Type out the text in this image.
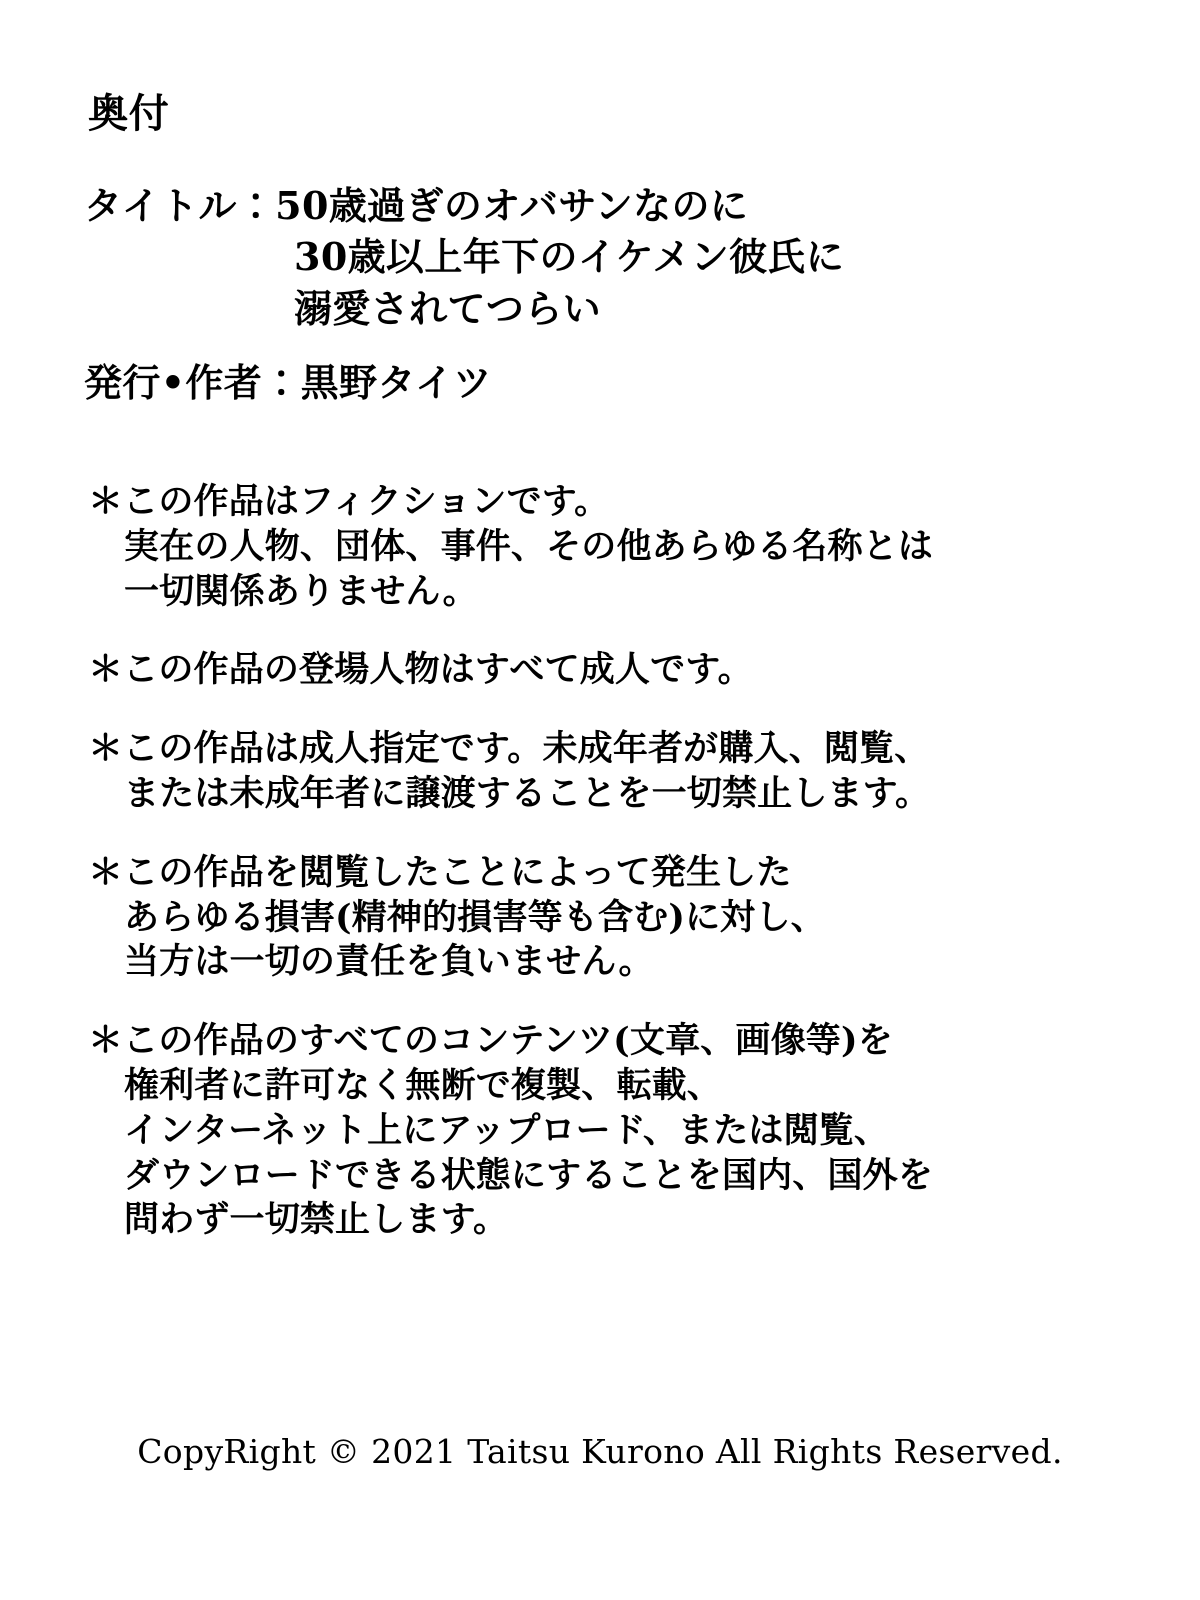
奥付
タイトル：50歳過ぎのオバサンなのに
30歳以上年下のイケメン彼氏に
溺愛されてつらい
発行•作者：黒野タイツ
＊この作品はフィクションです。
実在の人物、団体、事件、その他あらゆる名称とは
一切関係ありません。
＊この作品の登場人物はすべて成人です。
＊この作品は成人指定です。未成年者が購入、閲覧、
または未成年者に譲渡することを一切禁止します。
＊この作品を閲覧したことによって発生した
あらゆる損害(精神的損害等も含む)に対し、
当方は一切の責任を負いません。
＊この作品のすべてのコンテンツ(文章、画像等)を
権利者に許可なく無断で複製、転載、
インターネット上にアップロード、または閲覧、
ダウンロードできる状態にすることを国内、国外を
問わず一切禁止します。
CopyRight © 2021 Taitsu Kurono All Rights Reserved.
